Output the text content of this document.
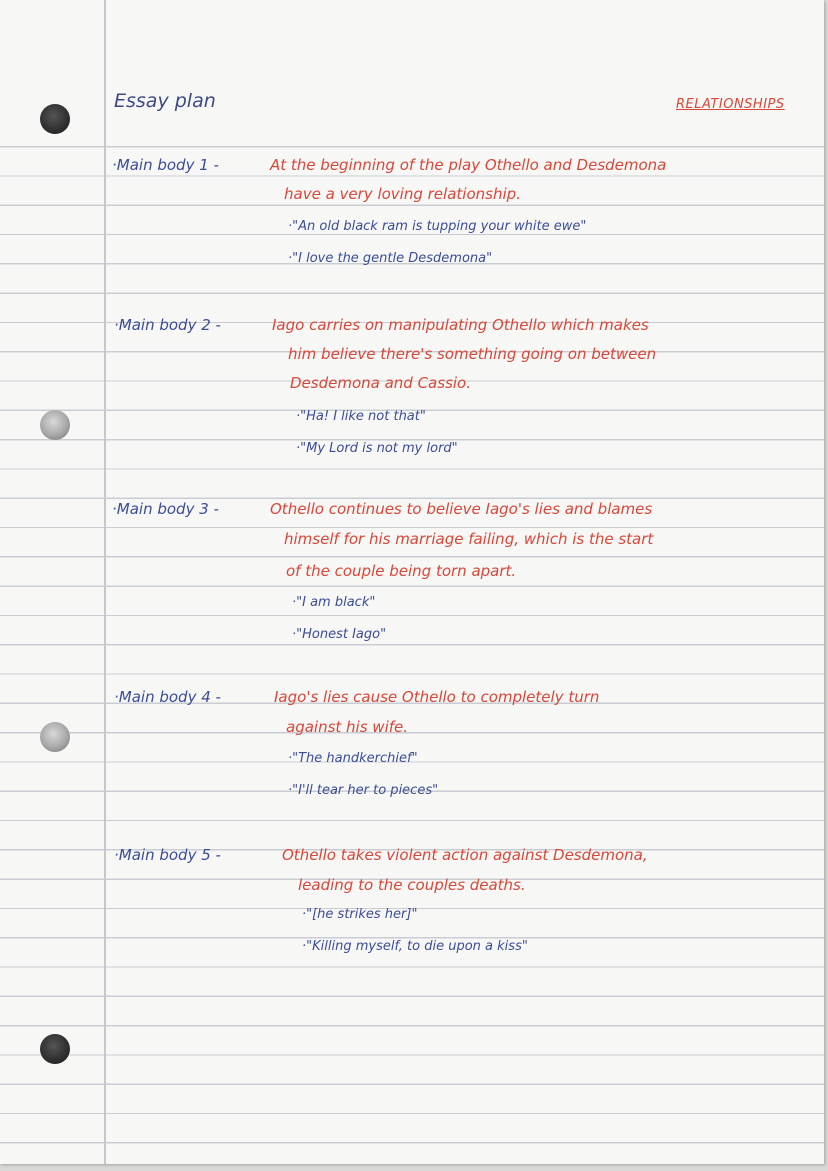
Essay plan	RELATIONSHIPS
·Main body 1 -	At the beginning of the play Othello and Desdemona
have a very loving relationship.
·"An old black ram is tupping your white ewe"
·"I love the gentle Desdemona"
·Main body 2 -	Iago carries on manipulating Othello which makes
him believe there's something going on between
Desdemona and Cassio.
·"Ha! I like not that"
·"My Lord is not my lord"
·Main body 3 -	Othello continues to believe Iago's lies and blames
himself for his marriage failing, which is the start
of the couple being torn apart.
·"I am black"
·"Honest Iago"
·Main body 4 -	Iago's lies cause Othello to completely turn
against his wife.
·"The handkerchief"
·"I'll tear her to pieces"
·Main body 5 -	Othello takes violent action against Desdemona,
leading to the couples deaths.
·"[he strikes her]"
·"Killing myself, to die upon a kiss"
